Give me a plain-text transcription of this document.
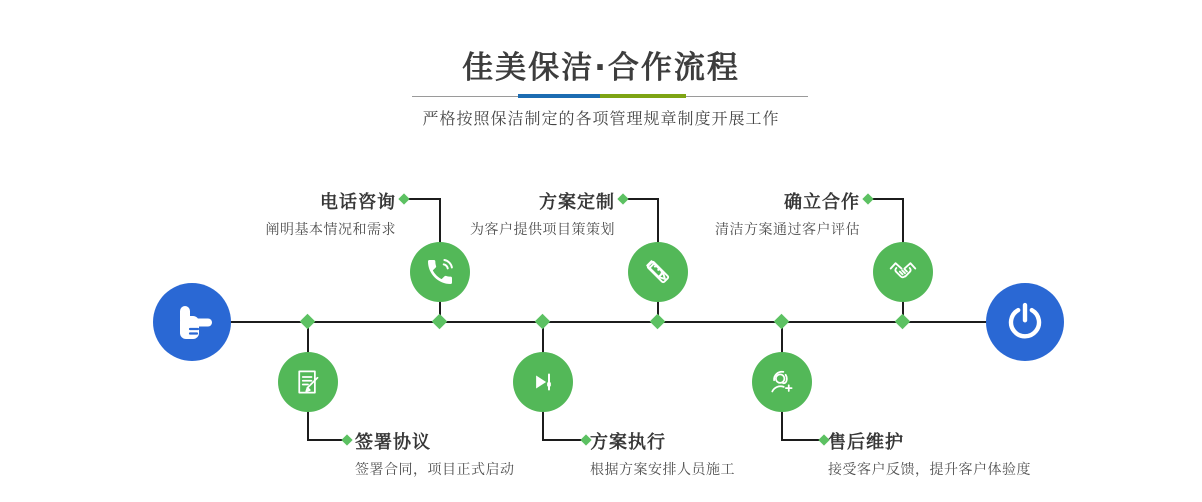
佳美保洁·合作流程

严格按照保洁制定的各项管理规章制度开展工作

电话咨询

阐明基本情况和需求

方案定制

为客户提供项目策策划

确立合作

清洁方案通过客户评估

签署协议

签署合同，项目正式启动

方案执行

根据方案安排人员施工

售后维护

接受客户反馈，提升客户体验度
